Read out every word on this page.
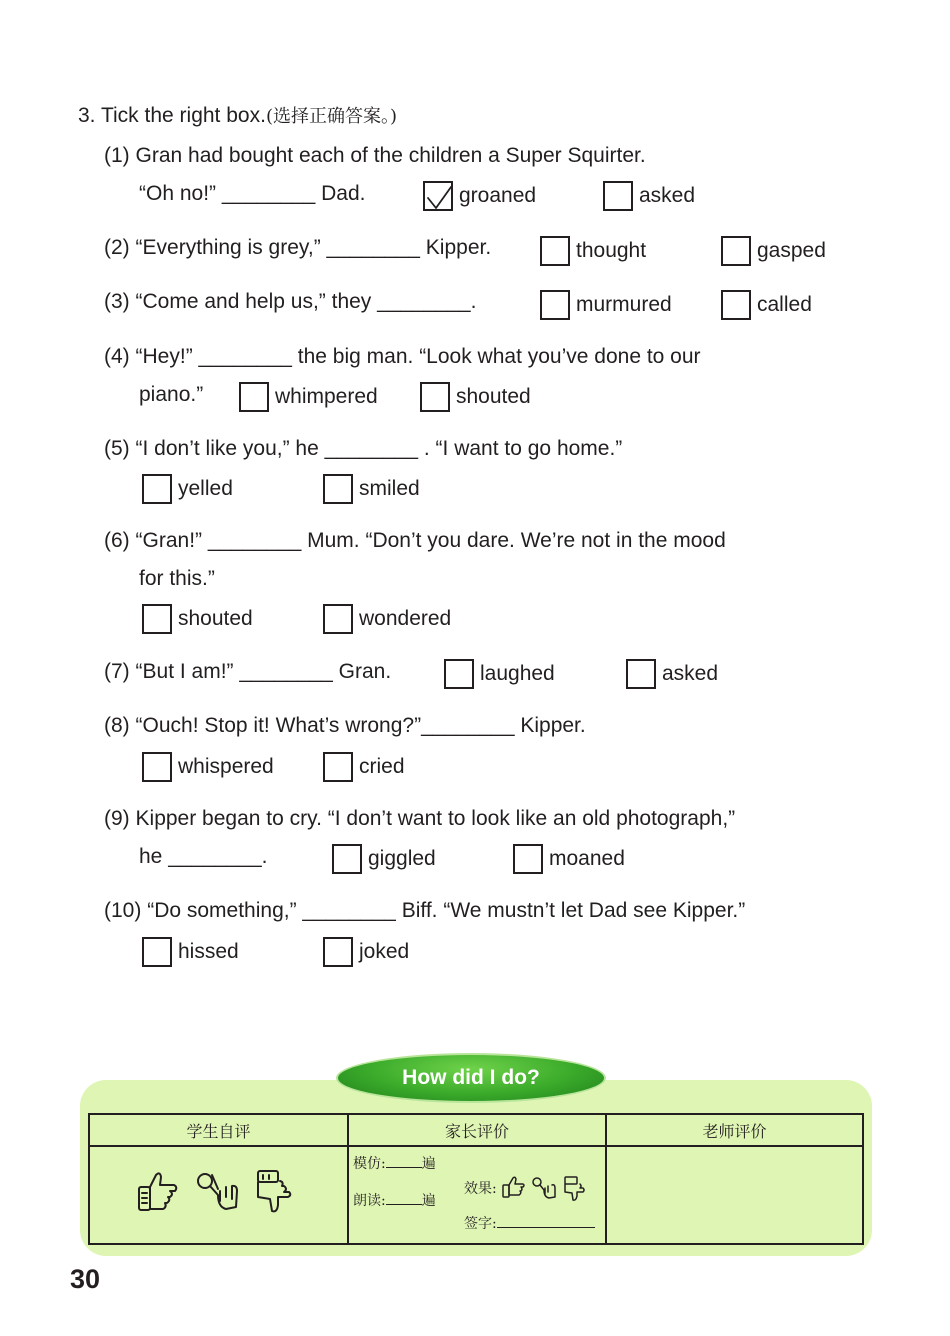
3. Tick the right box.(选择正确答案。)
(1) Gran had bought each of the children a Super Squirter.
“Oh no!” ________ Dad.	groaned	asked
(2) “Everything is grey,” ________ Kipper.	thought	gasped
(3) “Come and help us,” they ________.	murmured	called
(4) “Hey!” ________ the big man. “Look what you’ve done to our
piano.”	whimpered	shouted
(5) “I don’t like you,” he ________ . “I want to go home.”
yelled	smiled
(6) “Gran!” ________ Mum. “Don’t you dare. We’re not in the mood
for this.”
shouted	wondered
(7) “But I am!” ________ Gran.	laughed	asked
(8) “Ouch! Stop it! What’s wrong?”________ Kipper.
whispered	cried
(9) Kipper began to cry. “I don’t want to look like an old photograph,”
he ________.	giggled	moaned
(10) “Do something,” ________ Biff. “We mustn’t let Dad see Kipper.”
hissed	joked
How did I do?
学生自评	家长评价	老师评价
模仿:	遍
朗读:	遍
效果:
签字:
30
